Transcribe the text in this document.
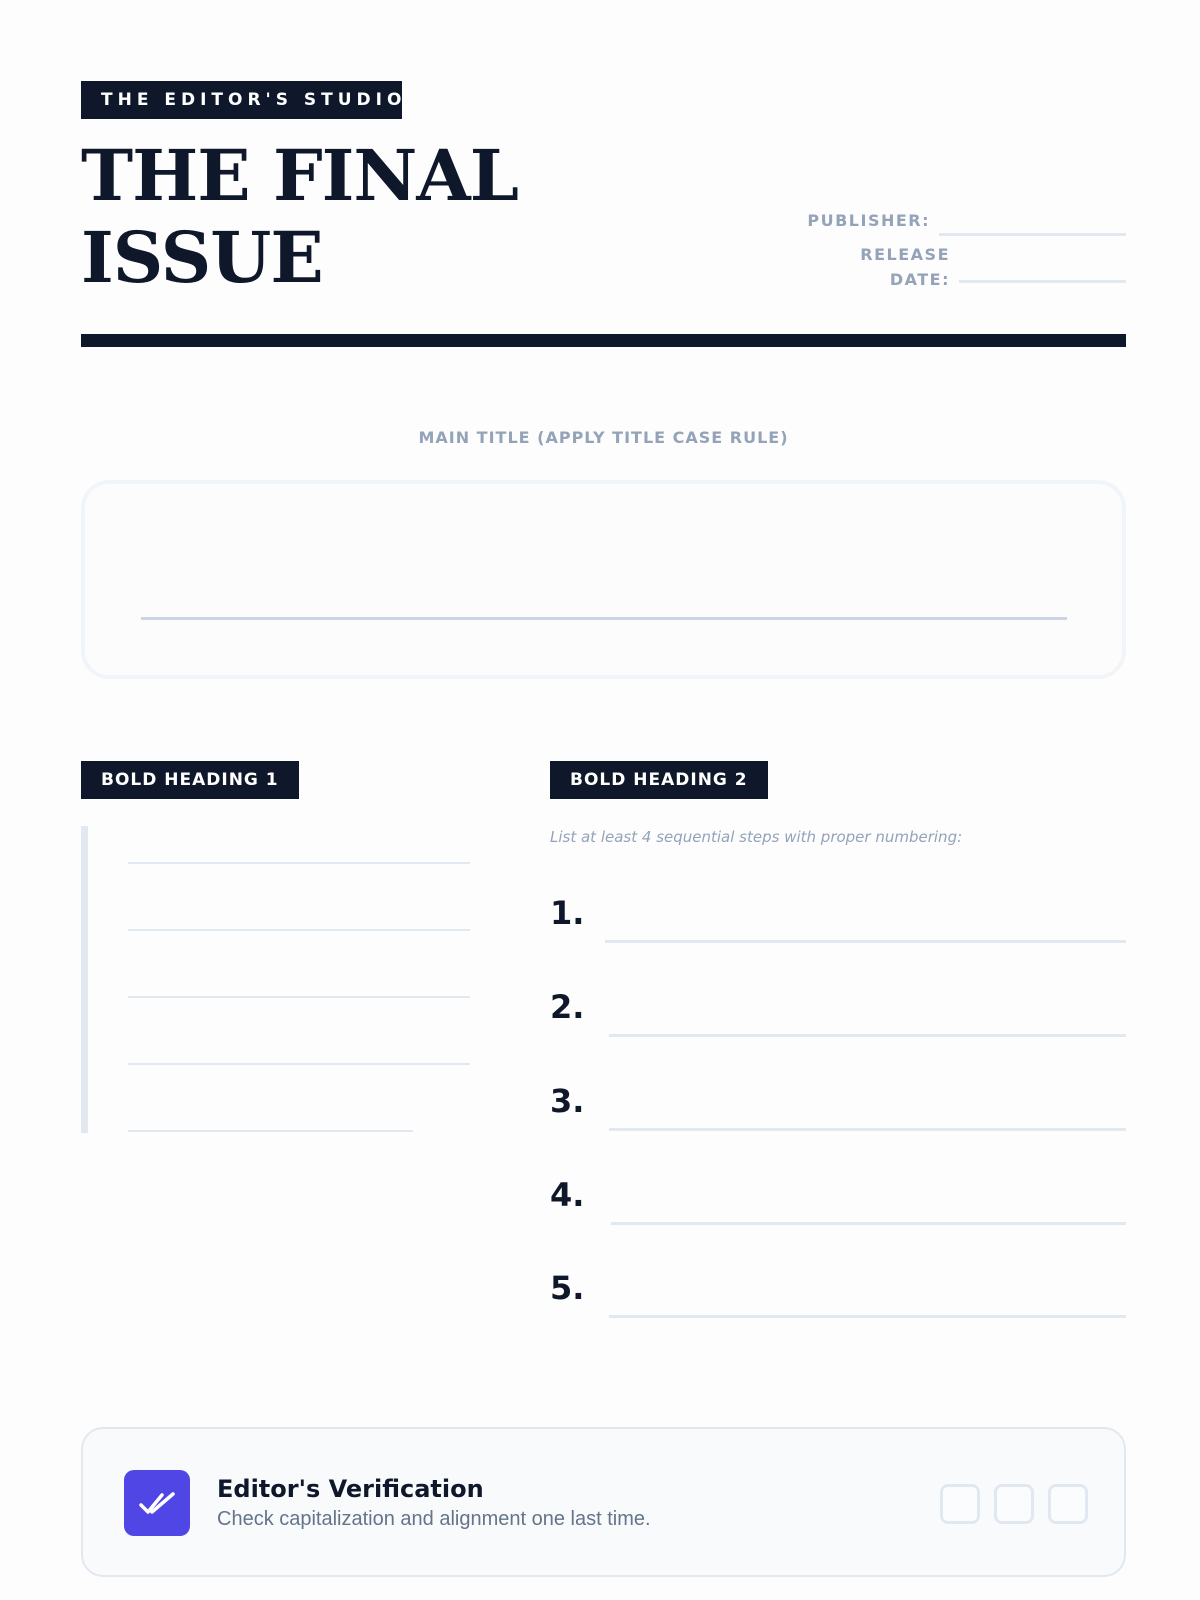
THE EDITOR'S STUDIO
THE FINAL
ISSUE	PUBLISHER:
RELEASE
DATE:
MAIN TITLE (APPLY TITLE CASE RULE)
BOLD HEADING 1	BOLD HEADING 2
List at least 4 sequential steps with proper numbering:
1.
2.
3.
4.
5.
Editor's Verification
Check capitalization and alignment one last time.
